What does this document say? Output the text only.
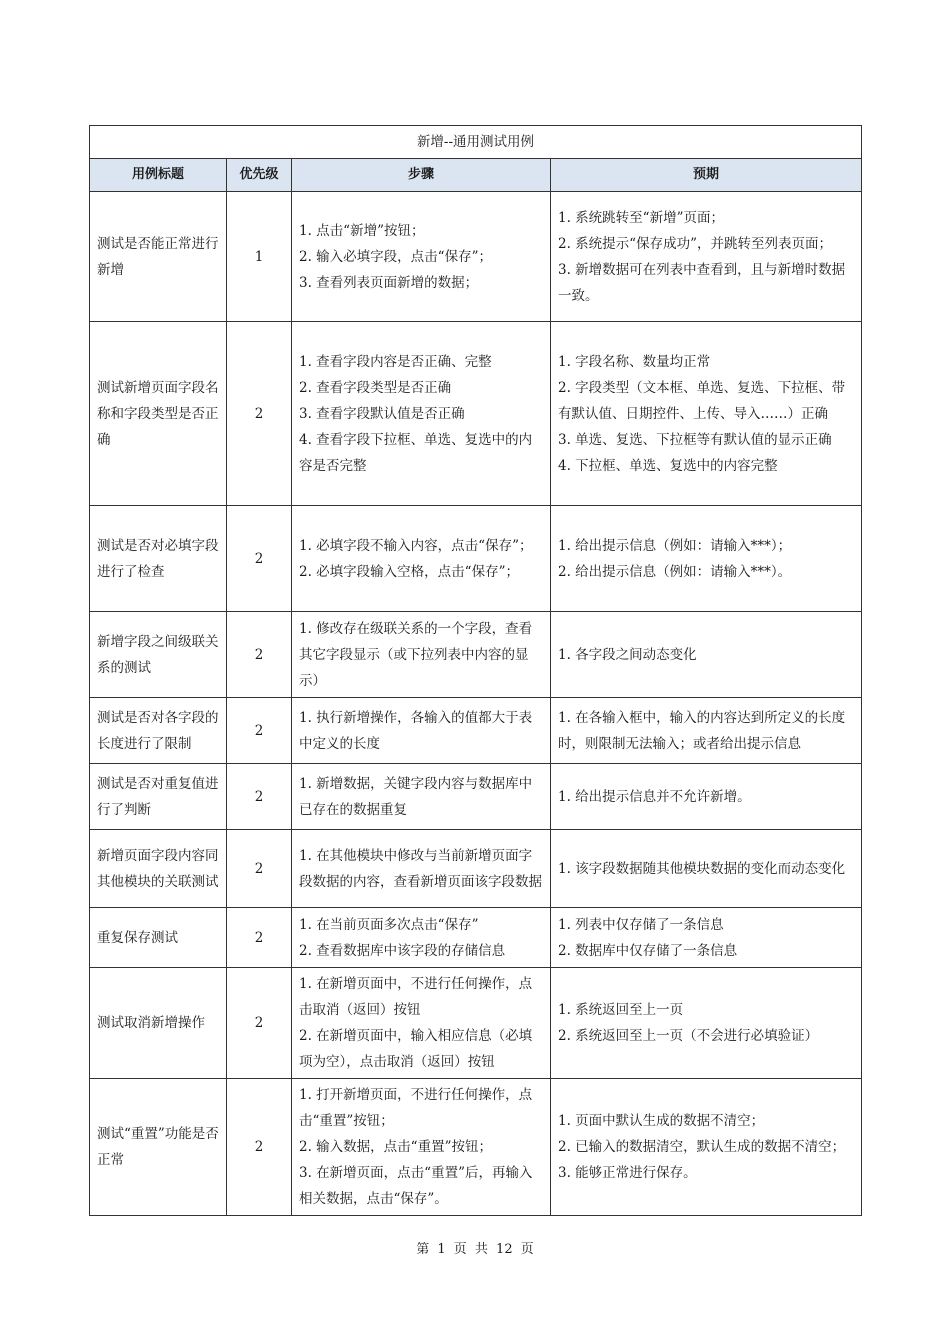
新增--通用测试用例			
用例标题	优先级	步骤	预期
测试是否能正常进行新增	1	1. 点击“新增”按钮；
2. 输入必填字段，点击“保存”；
3. 查看列表页面新增的数据；	1. 系统跳转至“新增”页面；
2. 系统提示“保存成功”，并跳转至列表页面；
3. 新增数据可在列表中查看到，且与新增时数据一致。

测试新增页面字段名称和字段类型是否正确	2	1. 查看字段内容是否正确、完整
2. 查看字段类型是否正确
3. 查看字段默认值是否正确
4. 查看字段下拉框、单选、复选中的内容是否完整	1. 字段名称、数量均正常
2. 字段类型（文本框、单选、复选、下拉框、带有默认值、日期控件、上传、导入……）正确
3. 单选、复选、下拉框等有默认值的显示正确
4. 下拉框、单选、复选中的内容完整

测试是否对必填字段进行了检查	2	1. 必填字段不输入内容，点击“保存”；
2. 必填字段输入空格，点击“保存”；	1. 给出提示信息（例如：请输入***）；
2. 给出提示信息（例如：请输入***）。

新增字段之间级联关系的测试	2	1. 修改存在级联关系的一个字段，查看其它字段显示（或下拉列表中内容的显示）	1. 各字段之间动态变化

测试是否对各字段的长度进行了限制	2	1. 执行新增操作，各输入的值都大于表中定义的长度	1. 在各输入框中，输入的内容达到所定义的长度时，则限制无法输入；或者给出提示信息

测试是否对重复值进行了判断	2	1. 新增数据，关键字段内容与数据库中已存在的数据重复	1. 给出提示信息并不允许新增。

新增页面字段内容同其他模块的关联测试	2	1. 在其他模块中修改与当前新增页面字段数据的内容，查看新增页面该字段数据	1. 该字段数据随其他模块数据的变化而动态变化

重复保存测试	2	1. 在当前页面多次点击“保存”
2. 查看数据库中该字段的存储信息	1. 列表中仅存储了一条信息
2. 数据库中仅存储了一条信息

测试取消新增操作	2	1. 在新增页面中，不进行任何操作，点击取消（返回）按钮
2. 在新增页面中，输入相应信息（必填项为空），点击取消（返回）按钮	1. 系统返回至上一页
2. 系统返回至上一页（不会进行必填验证）

测试“重置”功能是否正常	2	1. 打开新增页面，不进行任何操作，点击“重置”按钮；
2. 输入数据，点击“重置”按钮；
3. 在新增页面，点击“重置”后，再输入相关数据，点击“保存”。	1. 页面中默认生成的数据不清空；
2. 已输入的数据清空，默认生成的数据不清空；
3. 能够正常进行保存。
第 1 页 共 12 页
